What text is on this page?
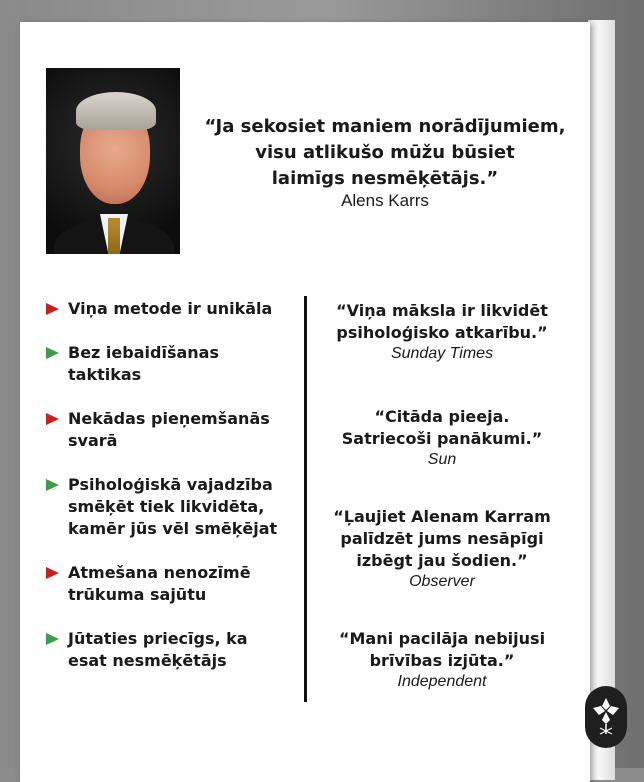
“Ja sekosiet maniem norādījumiem,
visu atlikušo mūžu būsiet
laimīgs nesmēķētājs.”
Alens Karrs
Viņa metode ir unikāla
Bez iebaidīšanas taktikas
Nekādas pieņemšanās svarā
Psiholoģiskā vajadzība smēķēt tiek likvidēta, kamēr jūs vēl smēķējat
Atmešana nenozīmē trūkuma sajūtu
Jūtaties priecīgs, ka esat nesmēķētājs
“Viņa māksla ir likvidēt
psiholoģisko atkarību.”
Sunday Times
“Citāda pieeja.
Satriecoši panākumi.”
Sun
“Ļaujiet Alenam Karram
palīdzēt jums nesāpīgi
izbēgt jau šodien.”
Observer
“Mani pacilāja nebijusi
brīvības izjūta.”
Independent
